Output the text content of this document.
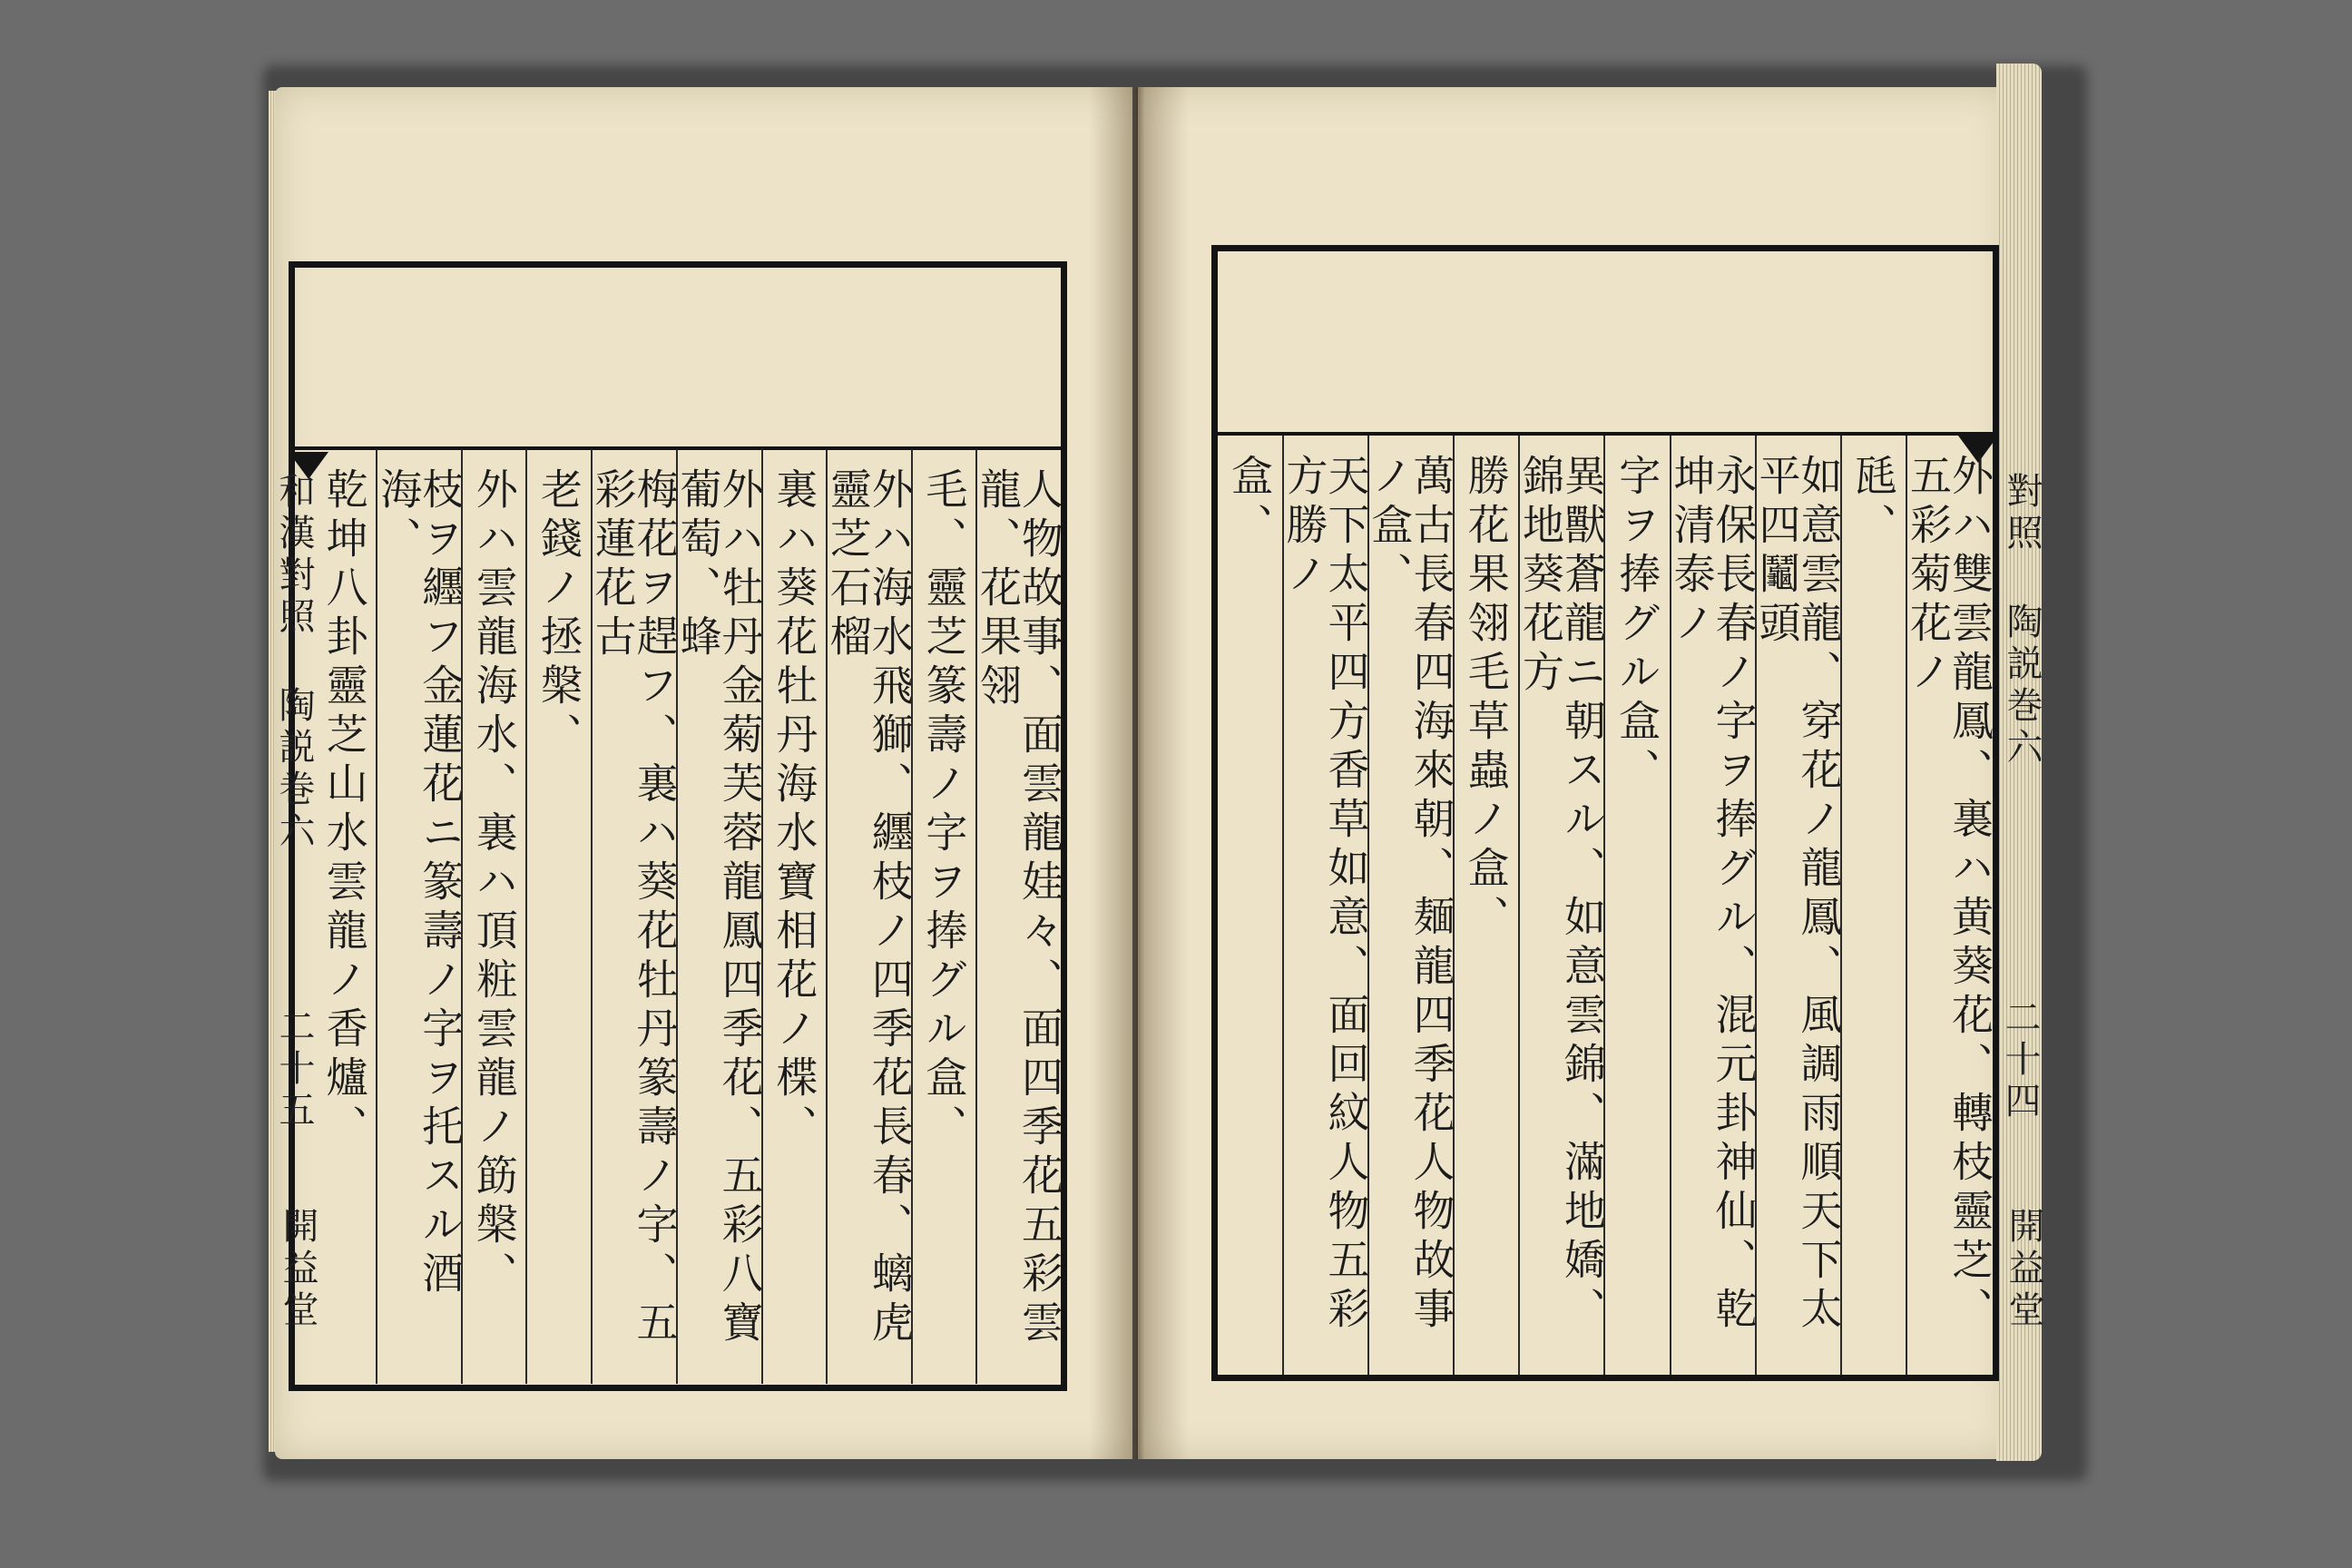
人物故事、面雲龍娃々、面四季花五彩雲龍、花果翎
毛、靈芝篆壽ノ字ヲ捧グル盒、
外ハ海水飛獅、纒枝ノ四季花長春、螭虎靈芝石榴
裏ハ葵花牡丹海水寶相花ノ楪、
外ハ牡丹金菊芙蓉龍鳳四季花、五彩八寶葡萄、蜂
梅花ヲ趕フ、裏ハ葵花牡丹篆壽ノ字、五彩蓮花古
老錢ノ拯槃、
外ハ雲龍海水、裏ハ頂粧雲龍ノ筯槃、
枝ヲ纒フ金蓮花ニ篆壽ノ字ヲ托スル酒海、
乾坤八卦靈芝山水雲龍ノ香爐、
和漢對照 陶説巻六
二十五
開益堂	外ハ雙雲龍鳳、裏ハ黄葵花、轉枝靈芝、五彩菊花ノ
瓱、
如意雲龍、穿花ノ龍鳳、風調雨順天下太平四鬮頭
永保長春ノ字ヲ捧グル、混元卦神仙、乾坤清泰ノ
字ヲ捧グル盒、
異獸蒼龍ニ朝スル、如意雲錦、滿地嬌、錦地葵花方
勝花果翎毛草蟲ノ盒、
萬古長春四海來朝、麺龍四季花人物故事ノ盒、
天下太平四方香草如意、面回紋人物五彩方勝ノ
盒、	對照 陶説巻六
二十四
開益堂
